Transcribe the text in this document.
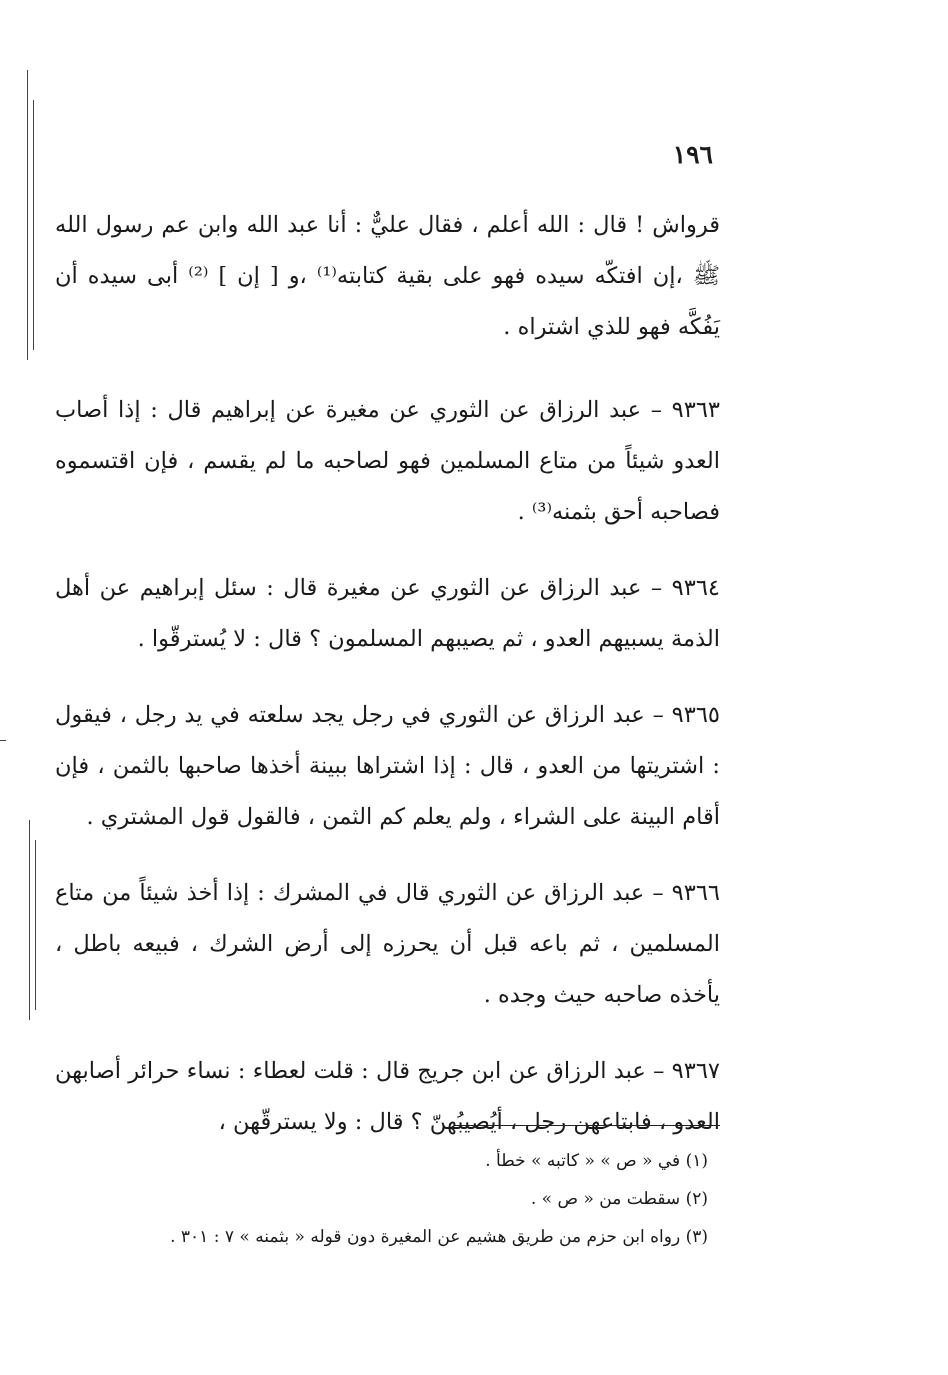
١٩٦

قرواش ! قال : الله أعلم ، فقال عليٌّ : أنا عبد الله وابن عم رسول الله ﷺ ،إن افتكّه سيده فهو على بقية كتابته⁽¹⁾ ،و [ إن ] ⁽²⁾ أبى سيده أن يَفُكَّه فهو للذي اشتراه .

٩٣٦٣ – عبد الرزاق عن الثوري عن مغيرة عن إبراهيم قال : إذا أصاب العدو شيئاً من متاع المسلمين فهو لصاحبه ما لم يقسم ، فإن اقتسموه فصاحبه أحق بثمنه⁽³⁾ .

٩٣٦٤ – عبد الرزاق عن الثوري عن مغيرة قال : سئل إبراهيم عن أهل الذمة يسبيهم العدو ، ثم يصيبهم المسلمون ؟ قال : لا يُسترقّوا .

٩٣٦٥ – عبد الرزاق عن الثوري في رجل يجد سلعته في يد رجل ، فيقول : اشتريتها من العدو ، قال : إذا اشتراها ببينة أخذها صاحبها بالثمن ، فإن أقام البينة على الشراء ، ولم يعلم كم الثمن ، فالقول قول المشتري .

٩٣٦٦ – عبد الرزاق عن الثوري قال في المشرك : إذا أخذ شيئاً من متاع المسلمين ، ثم باعه قبل أن يحرزه إلى أرض الشرك ، فبيعه باطل ، يأخذه صاحبه حيث وجده .

٩٣٦٧ – عبد الرزاق عن ابن جريج قال : قلت لعطاء : نساء حرائر أصابهن العدو ، فابتاعهن رجل ، أيُصيبُهنّ ؟ قال : ولا يسترقّهن ،

(١) في « ص » « كاتبه » خطأ .

(٢) سقطت من « ص » .

(٣) رواه ابن حزم من طريق هشيم عن المغيرة دون قوله « بثمنه » ٧ : ٣٠١ .
